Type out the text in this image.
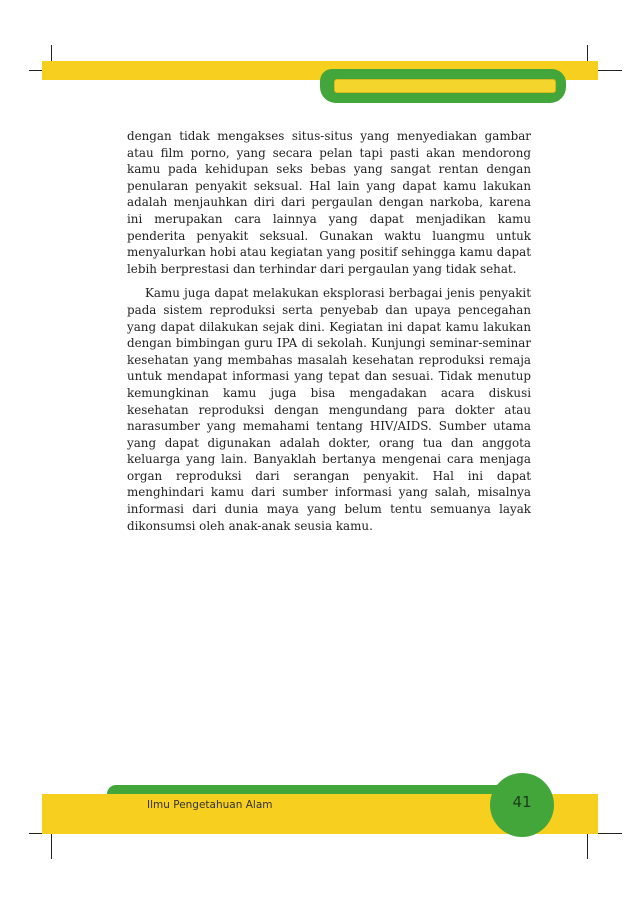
dengan tidak mengakses situs-situs yang menyediakan gambar atau film porno, yang secara pelan tapi pasti akan mendorong kamu pada kehidupan seks bebas yang sangat rentan dengan penularan penyakit seksual. Hal lain yang dapat kamu lakukan adalah menjauhkan diri dari pergaulan dengan narkoba, karena ini merupakan cara lainnya yang dapat menjadikan kamu penderita penyakit seksual. Gunakan waktu luangmu untuk menyalurkan hobi atau kegiatan yang positif sehingga kamu dapat lebih berprestasi dan terhindar dari pergaulan yang tidak sehat.

Kamu juga dapat melakukan eksplorasi berbagai jenis penyakit pada sistem reproduksi serta penyebab dan upaya pencegahan yang dapat dilakukan sejak dini. Kegiatan ini dapat kamu lakukan dengan bimbingan guru IPA di sekolah. Kunjungi seminar-seminar kesehatan yang membahas masalah kesehatan reproduksi remaja untuk mendapat informasi yang tepat dan sesuai. Tidak menutup kemungkinan kamu juga bisa mengadakan acara diskusi kesehatan reproduksi dengan mengundang para dokter atau narasumber yang memahami tentang HIV/AIDS. Sumber utama yang dapat digunakan adalah dokter, orang tua dan anggota keluarga yang lain. Banyaklah bertanya mengenai cara menjaga organ reproduksi dari serangan penyakit. Hal ini dapat menghindari kamu dari sumber informasi yang salah, misalnya informasi dari dunia maya yang belum tentu semuanya layak dikonsumsi oleh anak-anak seusia kamu.

Ilmu Pengetahuan Alam	41
